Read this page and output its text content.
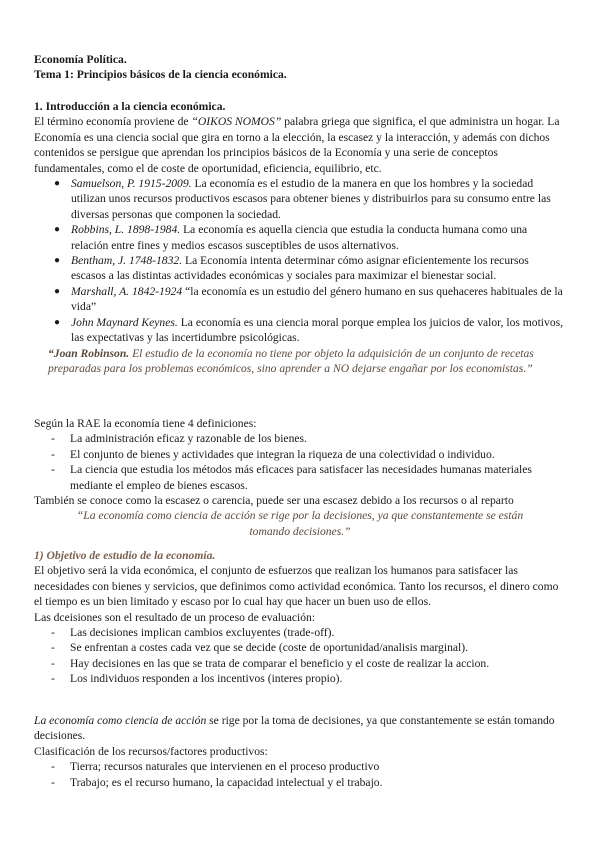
Economía Política.

Tema 1: Principios básicos de la ciencia económica.

1. Introducción a la ciencia económica.

El término economía proviene de “OIKOS NOMOS” palabra griega que significa, el que administra un hogar. La Economía es una ciencia social que gira en torno a la elección, la escasez y la interacción, y además con dichos contenidos se persigue que aprendan los principios básicos de la Economía y una serie de conceptos fundamentales, como el de coste de oportunidad, eficiencia, equilibrio, etc.

● Samuelson, P. 1915-2009. La economía es el estudio de la manera en que los hombres y la sociedad utilizan unos recursos productivos escasos para obtener bienes y distribuirlos para su consumo entre las diversas personas que componen la sociedad.
● Robbins, L. 1898-1984. La economía es aquella ciencia que estudia la conducta humana como una relación entre fines y medios escasos susceptibles de usos alternativos.
● Bentham, J. 1748-1832. La Economía intenta determinar cómo asignar eficientemente los recursos escasos a las distintas actividades económicas y sociales para maximizar el bienestar social.
● Marshall, A. 1842-1924 “la economía es un estudio del género humano en sus quehaceres habituales de la vida”
● John Maynard Keynes. La economía es una ciencia moral porque emplea los juicios de valor, los motivos, las expectativas y las incertidumbre psicológicas.

“Joan Robinson. El estudio de la economía no tiene por objeto la adquisición de un conjunto de recetas preparadas para los problemas económicos, sino aprender a NO dejarse engañar por los economistas.”

Según la RAE la economía tiene 4 definiciones:

- La administración eficaz y razonable de los bienes.
- El conjunto de bienes y actividades que integran la riqueza de una colectividad o individuo.
- La ciencia que estudia los métodos más eficaces para satisfacer las necesidades humanas materiales mediante el empleo de bienes escasos.

También se conoce como la escasez o carencia, puede ser una escasez debido a los recursos o al reparto

“La economía como ciencia de acción se rige por la decisiones, ya que constantemente se están tomando decisiones.”

1) Objetivo de estudio de la economía.

El objetivo será la vida económica, el conjunto de esfuerzos que realizan los humanos para satisfacer las necesidades con bienes y servicios, que definimos como actividad económica. Tanto los recursos, el dinero como el tiempo es un bien limitado y escaso por lo cual hay que hacer un buen uso de ellos.

Las dceisiones son el resultado de un proceso de evaluación:

- Las decisiones implican cambios excluyentes (trade-off).
- Se enfrentan a costes cada vez que se decide (coste de oportunidad/analisis marginal).
- Hay decisiones en las que se trata de comparar el beneficio y el coste de realizar la accion.
- Los individuos responden a los incentivos (interes propio).

La economía como ciencia de acción se rige por la toma de decisiones, ya que constantemente se están tomando decisiones.

Clasificación de los recursos/factores productivos:

- Tierra; recursos naturales que intervienen en el proceso productivo
- Trabajo; es el recurso humano, la capacidad intelectual y el trabajo.
